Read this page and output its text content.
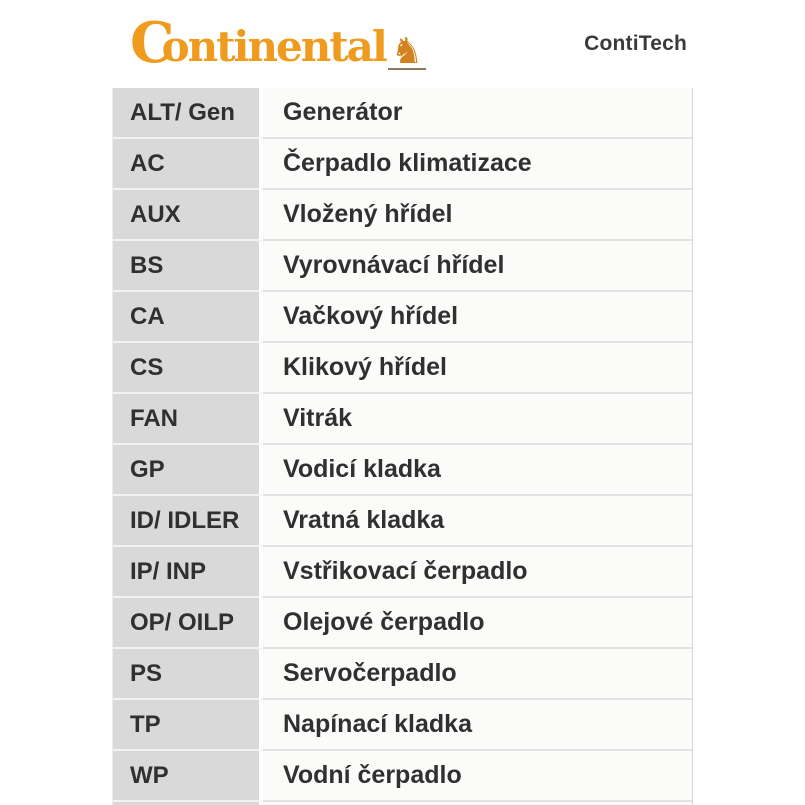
C
ontinental ♞	ContiTech
ALT/ Gen	Generátor
AC	Čerpadlo klimatizace
AUX	Vložený hřídel
BS	Vyrovnávací hřídel
CA	Vačkový hřídel
CS	Klikový hřídel
FAN	Vitrák
GP	Vodicí kladka
ID/ IDLER	Vratná kladka
IP/ INP	Vstřikovací čerpadlo
OP/ OILP	Olejové čerpadlo
PS	Servočerpadlo
TP	Napínací kladka
WP	Vodní čerpadlo
